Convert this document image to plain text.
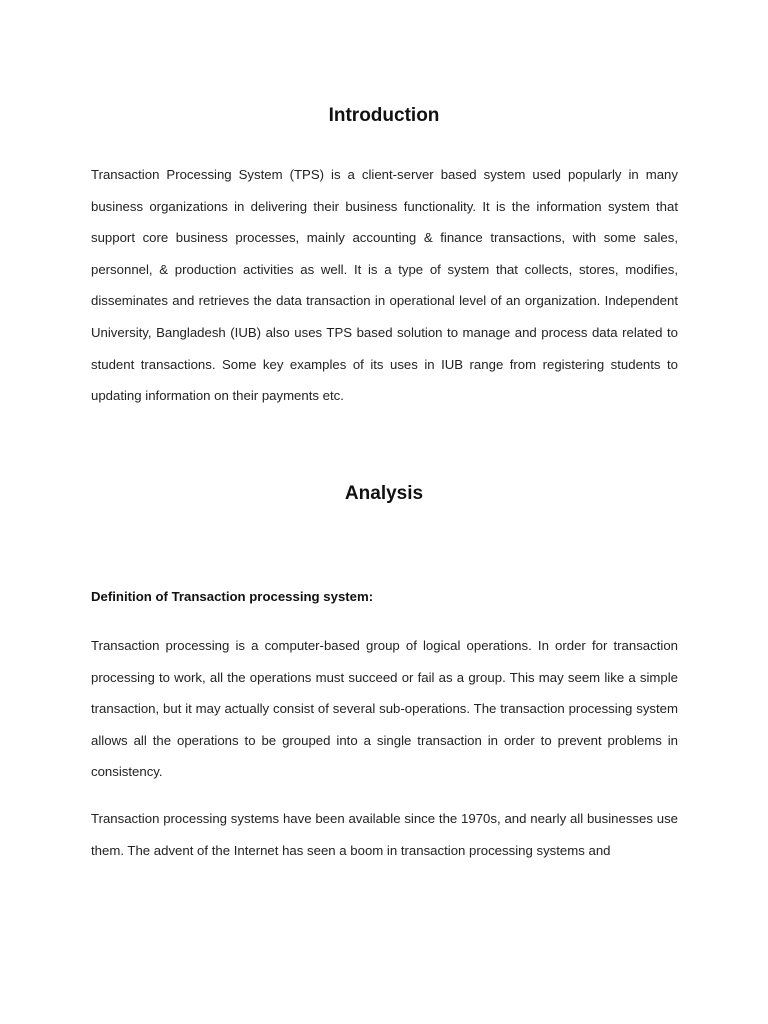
Introduction

Transaction Processing System (TPS) is a client-server based system used popularly in many business organizations in delivering their business functionality. It is the information system that support core business processes, mainly accounting & finance transactions, with some sales, personnel, & production activities as well. It is a type of system that collects, stores, modifies, disseminates and retrieves the data transaction in operational level of an organization. Independent University, Bangladesh (IUB) also uses TPS based solution to manage and process data related to student transactions. Some key examples of its uses in IUB range from registering students to updating information on their payments etc.

Analysis
Definition of Transaction processing system:

Transaction processing is a computer-based group of logical operations. In order for transaction processing to work, all the operations must succeed or fail as a group. This may seem like a simple transaction, but it may actually consist of several sub-operations. The transaction processing system allows all the operations to be grouped into a single transaction in order to prevent problems in consistency.

Transaction processing systems have been available since the 1970s, and nearly all businesses use them. The advent of the Internet has seen a boom in transaction processing systems and
